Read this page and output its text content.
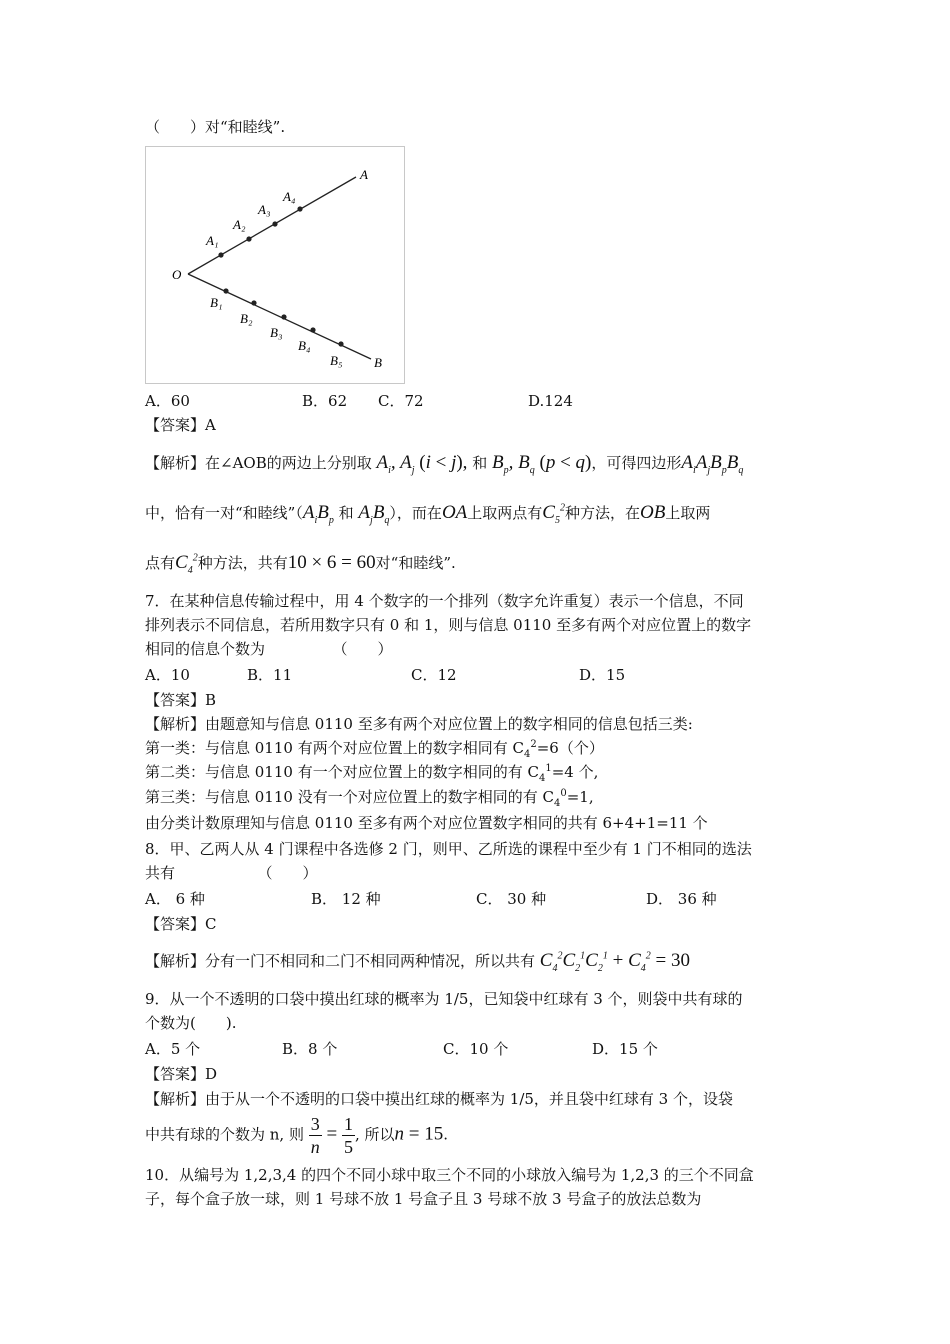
（　　）对“和睦线”.
O
A
B
A₁
A₂
A₃
A₄
B₁
B₂
B₃
B₄
B₅
A．60	B．62 C．72	D.124
【答案】A
【解析】在∠AOB的两边上分别取 $A_i$, $A_j$ (i < j), 和 $B_p$, $B_q$ (p < q)，可得四边形$A_iA_jB_pB_q$
中，恰有一对“和睦线$”(A_iB_p$ 和 $A_jB_q$），而在OA上取两点有$C_5^2$种方法，在OB上取两
点有$C_4^2$种方法，共有10 × 6 = 60对“和睦线”.
7．在某种信息传输过程中，用 4 个数字的一个排列（数字允许重复）表示一个信息，不同
排列表示不同信息，若所用数字只有 0 和 1，则与信息 0110 至多有两个对应位置上的数字
相同的信息个数为　　　　　（　　）
A．10	B．11	C．12	D．15
【答案】B
【解析】由题意知与信息 0110 至多有两个对应位置上的数字相同的信息包括三类:
第一类：与信息 0110 有两个对应位置上的数字相同有 $C_4^2=6$（个）
第二类：与信息 0110 有一个对应位置上的数字相同的有 $C_4^1=4$ 个,
第三类：与信息 0110 没有一个对应位置上的数字相同的有 $C_4^0=1$,
由分类计数原理知与信息 0110 至多有两个对应位置数字相同的共有 6+4+1=11 个
8．甲、乙两人从 4 门课程中各选修 2 门，则甲、乙所选的课程中至少有 1 门不相同的选法
共有　　　　　　（　　）
A． 6 种	B． 12 种	C． 30 种	D． 36 种
【答案】C
【解析】分有一门不相同和二门不相同两种情况，所以共有 $C_4^2C_2^1C_2^1 + C_4^2 = 30$
9．从一个不透明的口袋中摸出红球的概率为 1/5，已知袋中红球有 3 个，则袋中共有球的
个数为(　　).
A．5 个	B．8 个	C．10 个	D．15 个
【答案】D
【解析】由于从一个不透明的口袋中摸出红球的概率为 1/5，并且袋中红球有 3 个，设袋
中共有球的个数为 n, 则 $\frac{3}{n} = \frac{1}{5}$ , 所以n = 15.
10．从编号为 1,2,3,4 的四个不同小球中取三个不同的小球放入编号为 1,2,3 的三个不同盒
子，每个盒子放一球，则 1 号球不放 1 号盒子且 3 号球不放 3 号盒子的放法总数为
